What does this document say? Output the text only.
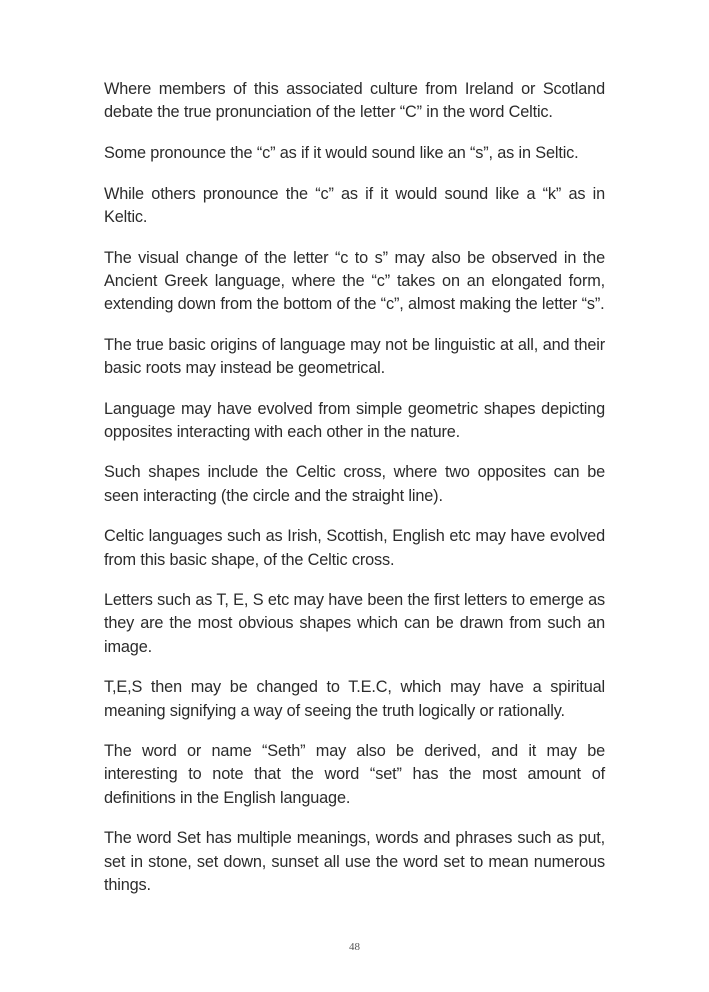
Where members of this associated culture from Ireland or Scotland debate the true pronunciation of the letter “C” in the word Celtic.

Some pronounce the “c” as if it would sound like an “s”, as in Seltic.

While others pronounce the “c” as if it would sound like a “k” as in Keltic.

The visual change of the letter “c to s” may also be observed in the Ancient Greek language, where the “c” takes on an elongated form, extending down from the bottom of the “c”, almost making the letter “s”.

The true basic origins of language may not be linguistic at all, and their basic roots may instead be geometrical.

Language may have evolved from simple geometric shapes depicting opposites interacting with each other in the nature.

Such shapes include the Celtic cross, where two opposites can be seen interacting (the circle and the straight line).

Celtic languages such as Irish, Scottish, English etc may have evolved from this basic shape, of the Celtic cross.

Letters such as T, E, S etc may have been the first letters to emerge as they are the most obvious shapes which can be drawn from such an image.

T,E,S then may be changed to T.E.C, which may have a spiritual meaning signifying a way of seeing the truth logically or rationally.

The word or name “Seth” may also be derived, and it may be interesting to note that the word “set” has the most amount of definitions in the English language.

The word Set has multiple meanings, words and phrases such as put, set in stone, set down, sunset all use the word set to mean numerous things.

48
